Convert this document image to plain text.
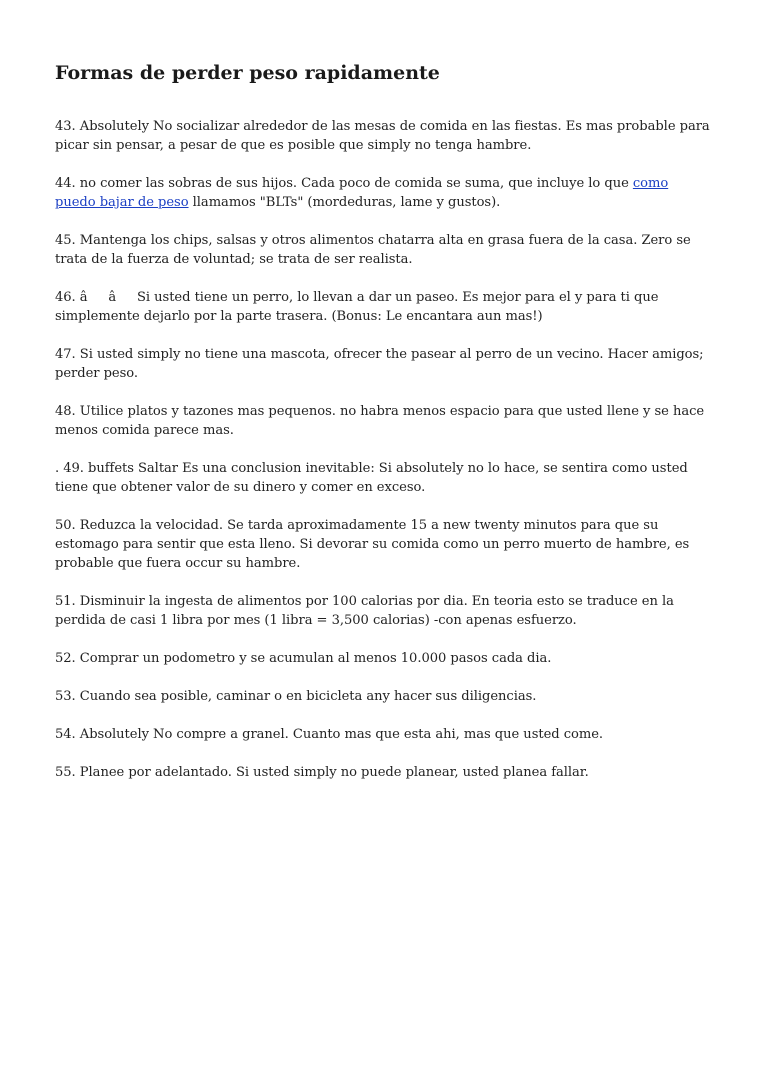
Formas de perder peso rapidamente

43. Absolutely No socializar alrededor de las mesas de comida en las fiestas. Es mas probable para picar sin pensar, a pesar de que es posible que simply no tenga hambre.

44. no comer las sobras de sus hijos. Cada poco de comida se suma, que incluye lo que como puedo bajar de peso llamamos "BLTs" (mordeduras, lame y gustos).

45. Mantenga los chips, salsas y otros alimentos chatarra alta en grasa fuera de la casa. Zero se trata de la fuerza de voluntad; se trata de ser realista.

46. ââSi usted tiene un perro, lo llevan a dar un paseo. Es mejor para el y para ti que simplemente dejarlo por la parte trasera. (Bonus: Le encantara aun mas!)

47. Si usted simply no tiene una mascota, ofrecer the pasear al perro de un vecino. Hacer amigos; perder peso.

48. Utilice platos y tazones mas pequenos. no habra menos espacio para que usted llene y se hace menos comida parece mas.

. 49. buffets Saltar Es una conclusion inevitable: Si absolutely no lo hace, se sentira como usted tiene que obtener valor de su dinero y comer en exceso.

50. Reduzca la velocidad. Se tarda aproximadamente 15 a new twenty minutos para que su estomago para sentir que esta lleno. Si devorar su comida como un perro muerto de hambre, es probable que fuera occur su hambre.

51. Disminuir la ingesta de alimentos por 100 calorias por dia. En teoria esto se traduce en la perdida de casi 1 libra por mes (1 libra = 3,500 calorias) -con apenas esfuerzo.

52. Comprar un podometro y se acumulan al menos 10.000 pasos cada dia.

53. Cuando sea posible, caminar o en bicicleta any hacer sus diligencias.

54. Absolutely No compre a granel. Cuanto mas que esta ahi, mas que usted come.

55. Planee por adelantado. Si usted simply no puede planear, usted planea fallar.
